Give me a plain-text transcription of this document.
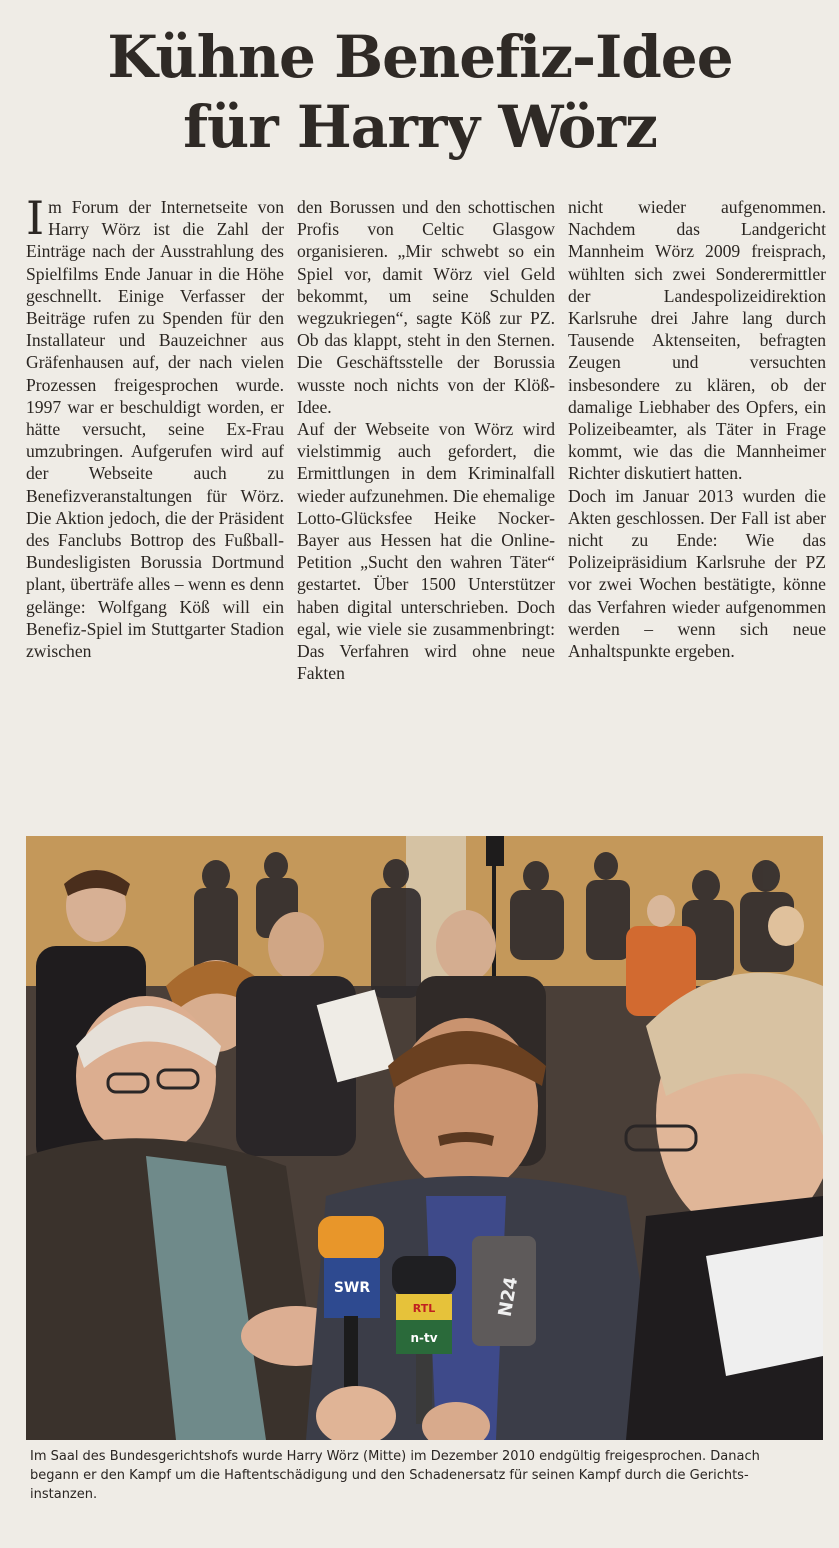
Kühne Benefiz-Idee
für Harry Wörz

Im Forum der Internetseite von Harry Wörz ist die Zahl der Einträge nach der Ausstrahlung des Spielfilms Ende Januar in die Höhe geschnellt. Einige Verfasser der Beiträge rufen zu Spenden für den Installateur und Bauzeichner aus Gräfenhausen auf, der nach vielen Prozessen freigesprochen wurde. 1997 war er beschuldigt worden, er hätte versucht, seine Ex-Frau umzubringen. Aufgerufen wird auf der Webseite auch zu Benefizveranstaltungen für Wörz. Die Aktion jedoch, die der Präsident des Fanclubs Bottrop des Fußball-Bundesligisten Borussia Dortmund plant, überträfe alles – wenn es denn gelänge: Wolfgang Köß will ein Benefiz-Spiel im Stuttgarter Stadion zwischen

den Borussen und den schottischen Profis von Celtic Glasgow organisieren. „Mir schwebt so ein Spiel vor, damit Wörz viel Geld bekommt, um seine Schulden wegzukriegen“, sagte Köß zur PZ. Ob das klappt, steht in den Sternen. Die Geschäftsstelle der Borussia wusste noch nichts von der Klöß-Idee.

Auf der Webseite von Wörz wird vielstimmig auch gefordert, die Ermittlungen in dem Kriminalfall wieder aufzunehmen. Die ehemalige Lotto-Glücksfee Heike Nocker-Bayer aus Hessen hat die Online-Petition „Sucht den wahren Täter“ gestartet. Über 1500 Unterstützer haben digital unterschrieben. Doch egal, wie viele sie zusammenbringt: Das Verfahren wird ohne neue Fakten

nicht wieder aufgenommen. Nachdem das Landgericht Mannheim Wörz 2009 freisprach, wühlten sich zwei Sonderermittler der Landespolizeidirektion Karlsruhe drei Jahre lang durch Tausende Aktenseiten, befragten Zeugen und versuchten insbesondere zu klären, ob der damalige Liebhaber des Opfers, ein Polizeibeamter, als Täter in Frage kommt, wie das die Mannheimer Richter diskutiert hatten.

Doch im Januar 2013 wurden die Akten geschlossen. Der Fall ist aber nicht zu Ende: Wie das Polizeipräsidium Karlsruhe der PZ vor zwei Wochen bestätigte, könne das Verfahren wieder aufgenommen werden – wenn sich neue Anhaltspunkte ergeben.

SWR
RTL
n-tv
N24
Im Saal des Bundesgerichtshofs wurde Harry Wörz (Mitte) im Dezember 2010 endgültig freigesprochen. Danach
begann er den Kampf um die Haftentschädigung und den Schadenersatz für seinen Kampf durch die Gerichts-
instanzen.
